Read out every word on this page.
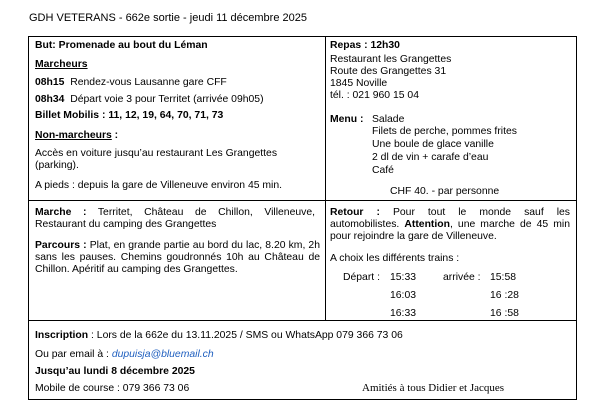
GDH VETERANS - 662e sortie - jeudi 11 décembre 2025
But: Promenade au bout du Léman
Marcheurs
08h15 Rendez-vous Lausanne gare CFF
08h34 Départ voie 3 pour Territet (arrivée 09h05)
Billet Mobilis : 11, 12, 19, 64, 70, 71, 73
Non-marcheurs :
Accès en voiture jusqu’au restaurant Les Grangettes (parking).
A pieds : depuis la gare de Villeneuve environ 45 min.
Repas : 12h30
Restaurant les Grangettes
Route des Grangettes 31
1845 Noville
tél. : 021 960 15 04
Menu : Salade
Filets de perche, pommes frites
Une boule de glace vanille
2 dl de vin + carafe d’eau
Café
CHF 40. - par personne
Marche : Territet, Château de Chillon, Villeneuve, Restaurant du camping des Grangettes
Parcours : Plat, en grande partie au bord du lac, 8.20 km, 2h sans les pauses. Chemins goudronnés 10h au Château de Chillon. Apéritif au camping des Grangettes.
Retour : Pour tout le monde sauf les automobilistes. Attention, une marche de 45 min pour rejoindre la gare de Villeneuve.
A choix les différents trains :
Départ : 15:33	arrivée : 15:58
16:03	16 :28
16:33	16 :58
Inscription : Lors de la 662e du 13.11.2025 / SMS ou WhatsApp 079 366 73 06
Ou par email à : dupuisja@bluemail.ch
Jusqu’au lundi 8 décembre 2025
Mobile de course : 079 366 73 06	Amitiés à tous Didier et Jacques
